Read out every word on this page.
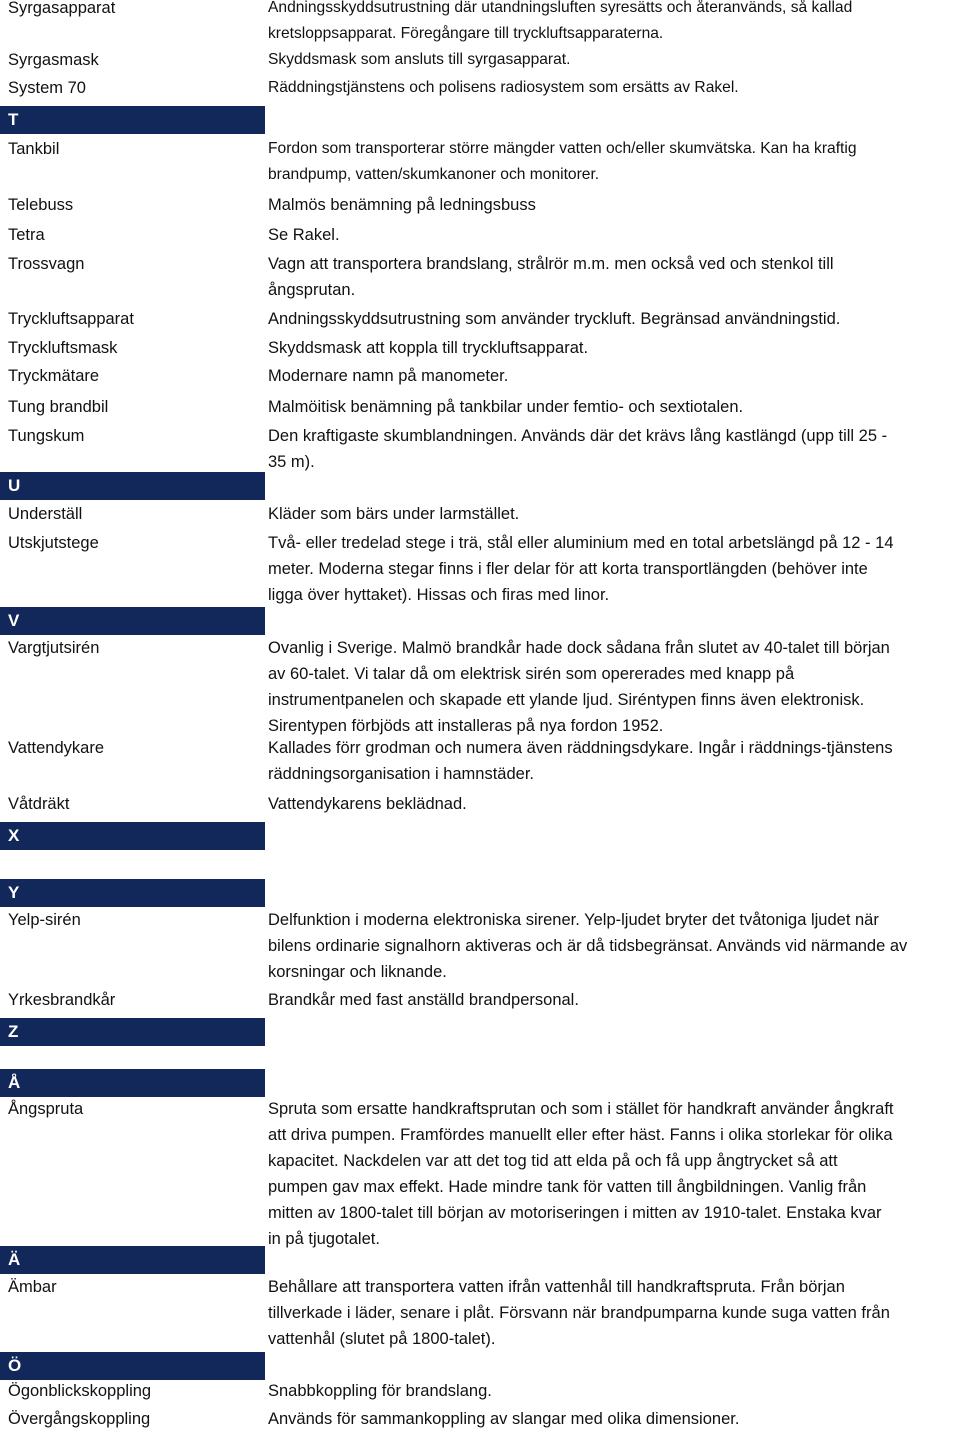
Syrgasapparat	Andningsskyddsutrustning där utandningsluften syresätts och återanvänds, så kallad
kretsloppsapparat. Föregångare till tryckluftsapparaterna.
Syrgasmask	Skyddsmask som ansluts till syrgasapparat.
System 70	Räddningstjänstens och polisens radiosystem som ersätts av Rakel.
T
Tankbil	Fordon som transporterar större mängder vatten och/eller skumvätska. Kan ha kraftig
brandpump, vatten/skumkanoner och monitorer.
Telebuss	Malmös benämning på ledningsbuss
Tetra	Se Rakel.
Trossvagn	Vagn att transportera brandslang, strålrör m.m. men också ved och stenkol till
ångsprutan.
Tryckluftsapparat	Andningsskyddsutrustning som använder tryckluft. Begränsad användningstid.
Tryckluftsmask	Skyddsmask att koppla till tryckluftsapparat.
Tryckmätare	Modernare namn på manometer.
Tung brandbil	Malmöitisk benämning på tankbilar under femtio- och sextiotalen.
Tungskum	Den kraftigaste skumblandningen. Används där det krävs lång kastlängd (upp till 25 -
35 m).
U
Underställ	Kläder som bärs under larmstället.
Utskjutstege	Två- eller tredelad stege i trä, stål eller aluminium med en total arbetslängd på 12 - 14
meter. Moderna stegar finns i fler delar för att korta transportlängden (behöver inte
ligga över hyttaket). Hissas och firas med linor.
V
Vargtjutsirén	Ovanlig i Sverige. Malmö brandkår hade dock sådana från slutet av 40-talet till början
av 60-talet. Vi talar då om elektrisk sirén som opererades med knapp på
instrumentpanelen och skapade ett ylande ljud. Siréntypen finns även elektronisk.
Sirentypen förbjöds att installeras på nya fordon 1952.
Vattendykare	Kallades förr grodman och numera även räddningsdykare. Ingår i räddnings-tjänstens
räddningsorganisation i hamnstäder.
Våtdräkt	Vattendykarens beklädnad.
X
Y
Yelp-sirén	Delfunktion i moderna elektroniska sirener. Yelp-ljudet bryter det tvåtoniga ljudet när
bilens ordinarie signalhorn aktiveras och är då tidsbegränsat. Används vid närmande av
korsningar och liknande.
Yrkesbrandkår	Brandkår med fast anställd brandpersonal.
Z
Å
Ångspruta	Spruta som ersatte handkraftsprutan och som i stället för handkraft använder ångkraft
att driva pumpen. Framfördes manuellt eller efter häst. Fanns i olika storlekar för olika
kapacitet. Nackdelen var att det tog tid att elda på och få upp ångtrycket så att
pumpen gav max effekt. Hade mindre tank för vatten till ångbildningen. Vanlig från
mitten av 1800-talet till början av motoriseringen i mitten av 1910-talet. Enstaka kvar
in på tjugotalet.
Ä
Ämbar	Behållare att transportera vatten ifrån vattenhål till handkraftspruta. Från början
tillverkade i läder, senare i plåt. Försvann när brandpumparna kunde suga vatten från
vattenhål (slutet på 1800-talet).
Ö
Ögonblickskoppling	Snabbkoppling för brandslang.
Övergångskoppling	Används för sammankoppling av slangar med olika dimensioner.
